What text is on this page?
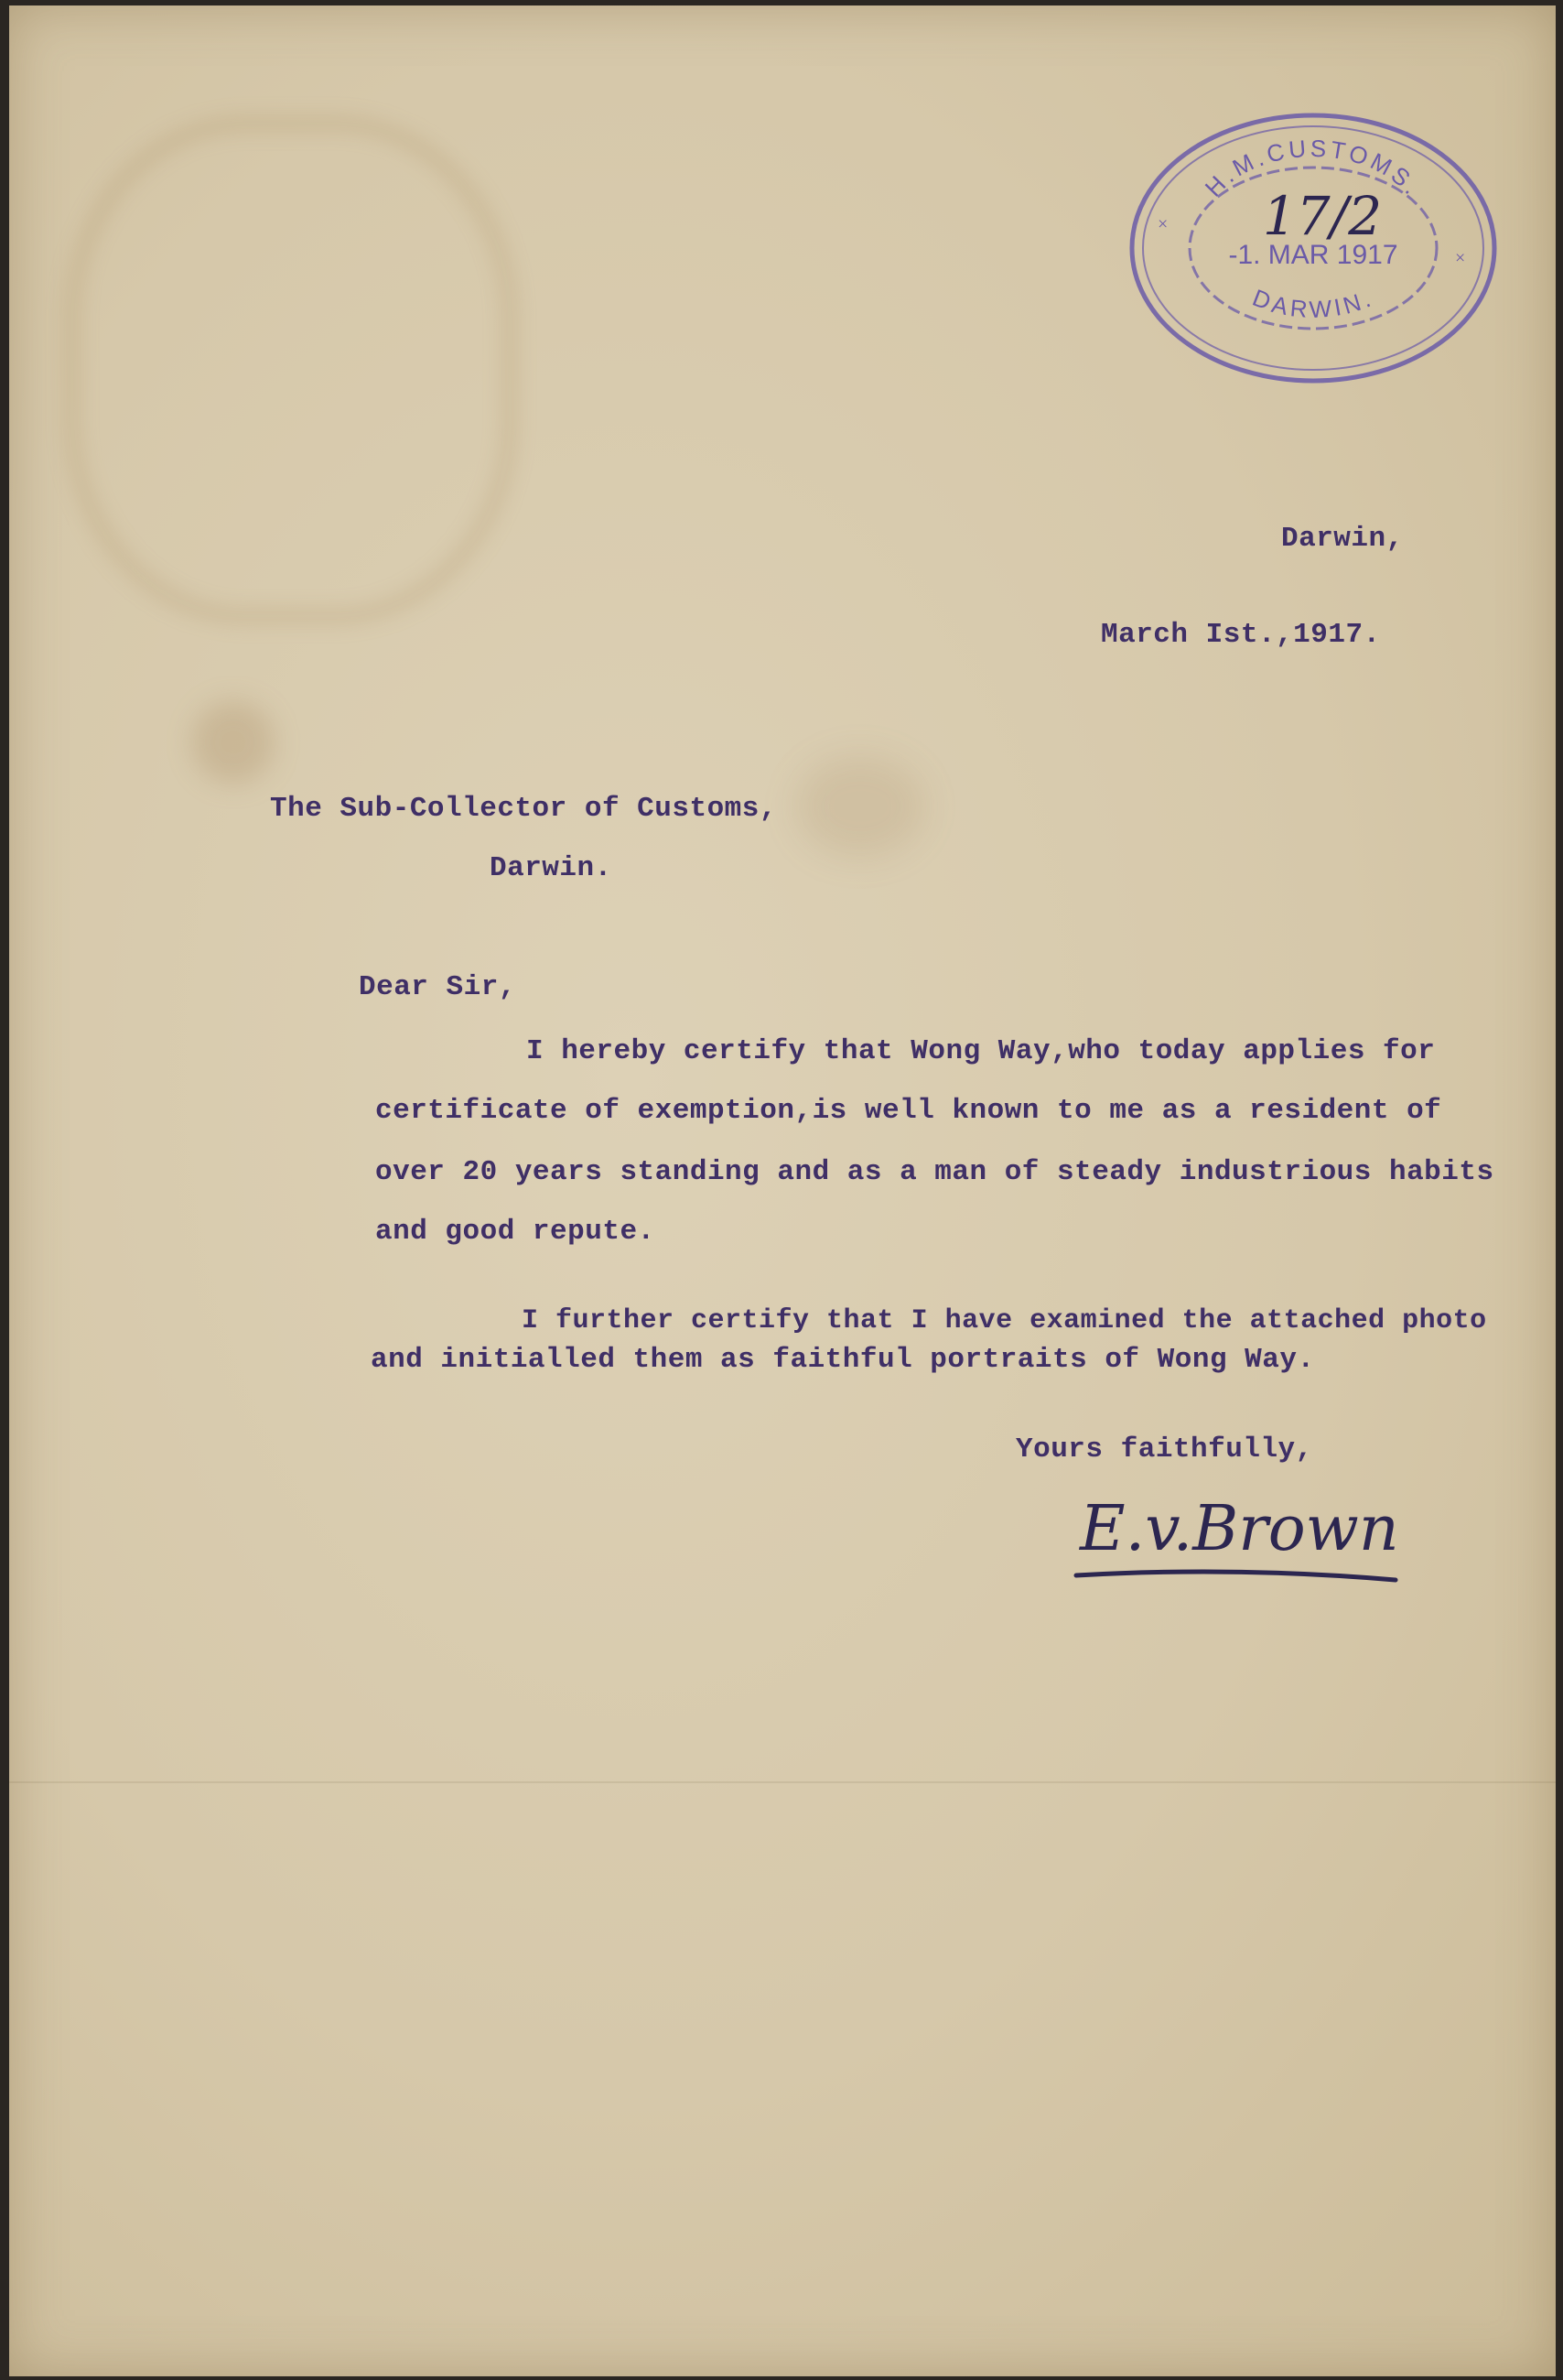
H.M.CUSTOMS.
DARWIN.
-1. MAR 1917
×
×
17/2

Darwin,

March Ist.,1917.

The Sub-Collector of Customs,

Darwin.

Dear Sir,

I hereby certify that Wong Way,who today applies for

certificate of exemption,is well known to me as a resident of

over 20 years standing and as a man of steady industrious habits

and good repute.

I further certify that I have examined the attached photo

and initialled them as faithful portraits of Wong Way.

Yours faithfully,

E.v.Brown
